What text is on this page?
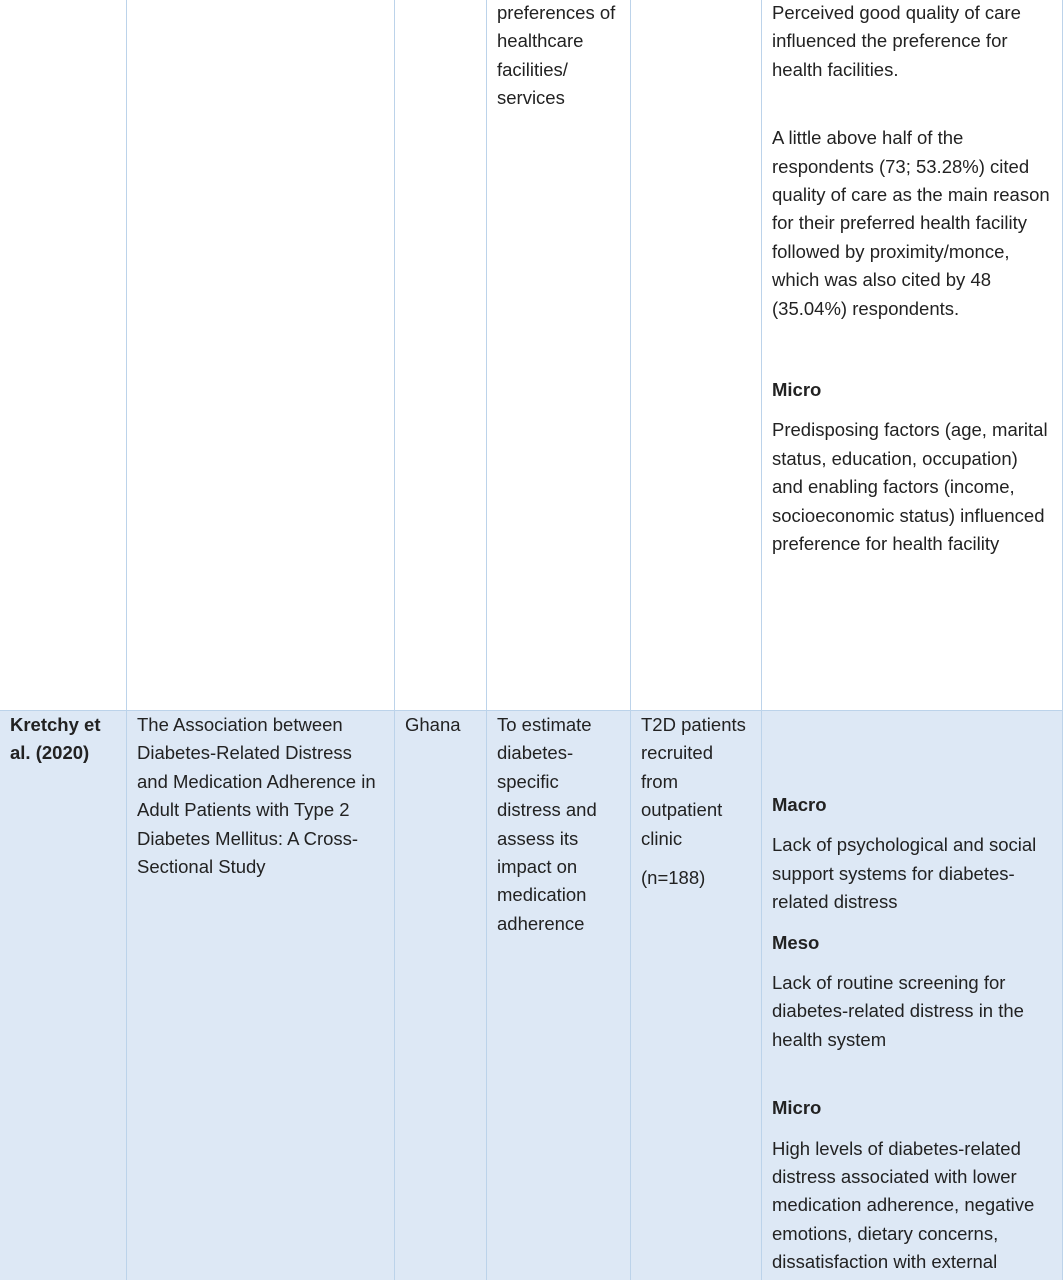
preferences of healthcare facilities/ services

Perceived good quality of care influenced the preference for health facilities.

A little above half of the respondents (73; 53.28%) cited quality of care as the main reason for their preferred health facility followed by proximity/monce, which was also cited by 48 (35.04%) respondents.

Micro

Predisposing factors (age, marital status, education, occupation) and enabling factors (income, socioeconomic status) influenced preference for health facility

Kretchy et al. (2020)

The Association between Diabetes-Related Distress and Medication Adherence in Adult Patients with Type 2 Diabetes Mellitus: A Cross-Sectional Study

Ghana	To estimate diabetes-specific distress and assess its impact on medication adherence

T2D patients recruited from outpatient clinic

(n=188)

Macro

Lack of psychological and social support systems for diabetes-related distress

Meso

Lack of routine screening for diabetes-related distress in the health system

Micro

High levels of diabetes-related distress associated with lower medication adherence, negative emotions, dietary concerns, dissatisfaction with external
